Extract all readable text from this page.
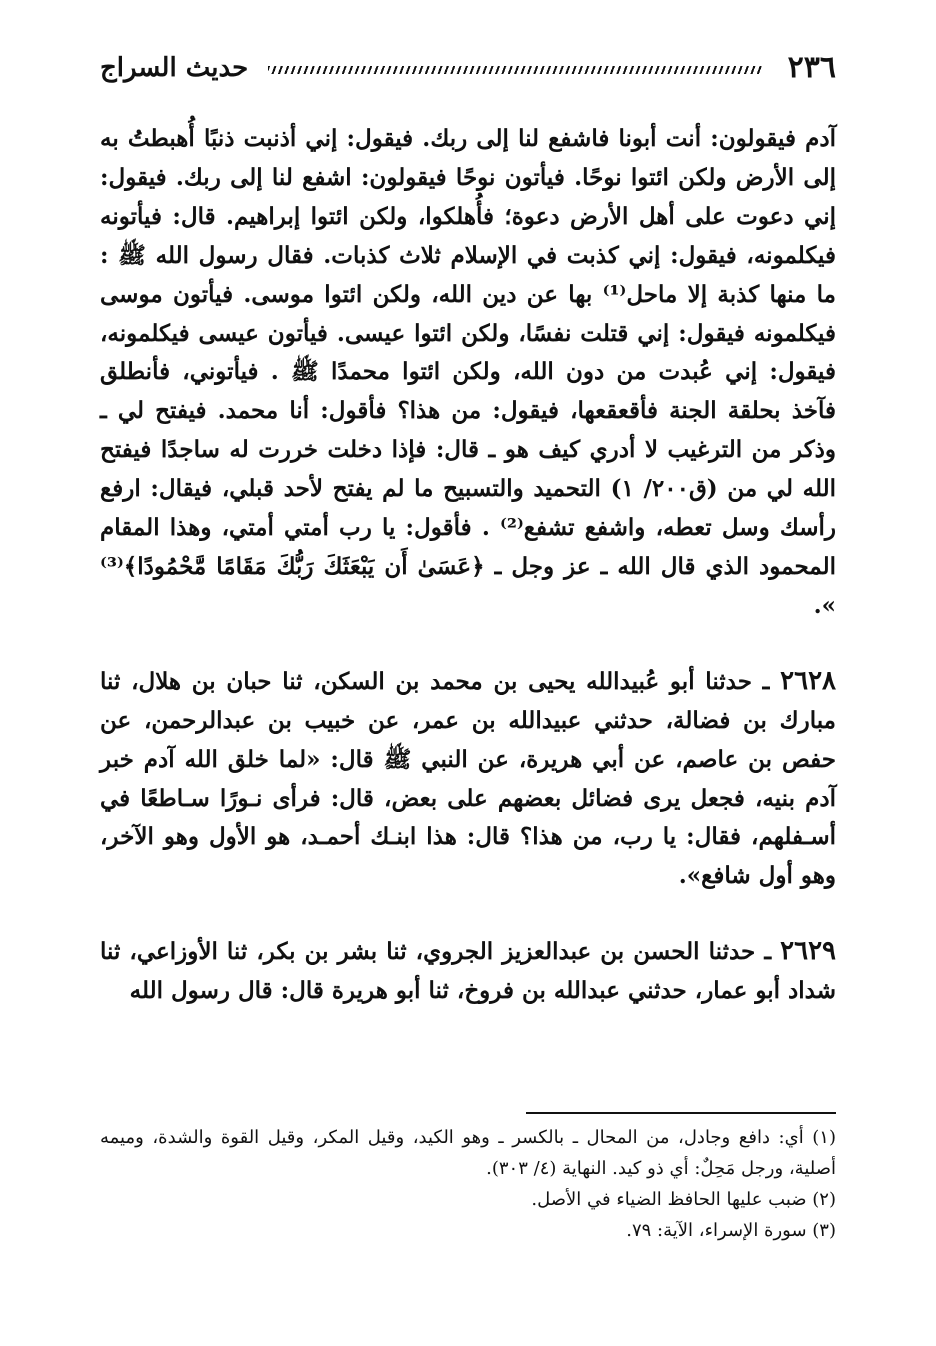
٢٣٦
حديث السراج

آدم فيقولون: أنت أبونا فاشفع لنا إلى ربك. فيقول: إني أذنبت ذنبًا أُهبطتُ به إلى الأرض ولكن ائتوا نوحًا. فيأتون نوحًا فيقولون: اشفع لنا إلى ربك. فيقول: إني دعوت على أهل الأرض دعوة؛ فأُهلكوا، ولكن ائتوا إبراهيم. قال: فيأتونه فيكلمونه، فيقول: إني كذبت في الإسلام ثلاث كذبات. فقال رسول الله ﷺ : ما منها كذبة إلا ماحل⁽¹⁾ بها عن دين الله، ولكن ائتوا موسى. فيأتون موسى فيكلمونه فيقول: إني قتلت نفسًا، ولكن ائتوا عيسى. فيأتون عيسى فيكلمونه، فيقول: إني عُبدت من دون الله، ولكن ائتوا محمدًا ﷺ . فيأتوني، فأنطلق فآخذ بحلقة الجنة فأقعقعها، فيقول: من هذا؟ فأقول: أنا محمد. فيفتح لي ـ وذكر من الترغيب لا أدري كيف هو ـ قال: فإذا دخلت خررت له ساجدًا فيفتح الله لي من (ق٢٠٠/ ١) التحميد والتسبيح ما لم يفتح لأحد قبلي، فيقال: ارفع رأسك وسل تعطه، واشفع تشفع⁽²⁾ . فأقول: يا رب أمتي أمتي، وهذا المقام المحمود الذي قال الله ـ عز وجل ـ ﴿عَسَىٰ أَن يَبْعَثَكَ رَبُّكَ مَقَامًا مَّحْمُودًا﴾⁽³⁾ ».

٢٦٢٨ ـ حدثنا أبو عُبيدالله يحيى بن محمد بن السكن، ثنا حبان بن هلال، ثنا مبارك بن فضالة، حدثني عبيدالله بن عمر، عن خبيب بن عبدالرحمن، عن حفص بن عاصم، عن أبي هريرة، عن النبي ﷺ قال: «لما خلق الله آدم خبر آدم بنيه، فجعل يرى فضائل بعضهم على بعض، قال: فرأى نـورًا سـاطعًا في أسـفلهم، فقال: يا رب، من هذا؟ قال: هذا ابنـك أحمـد، هو الأول وهو الآخر، وهو أول شافع».

٢٦٢٩ ـ حدثنا الحسن بن عبدالعزيز الجروي، ثنا بشر بن بكر، ثنا الأوزاعي، ثنا شداد أبو عمار، حدثني عبدالله بن فروخ، ثنا أبو هريرة قال: قال رسول الله

(١) أي: دافع وجادل، من المحال ـ بالكسر ـ وهو الكيد، وقيل المكر، وقيل القوة والشدة، وميمه أصلية، ورجل مَحِلٌ: أي ذو كيد. النهاية (٤/ ٣٠٣).

(٢) ضبب عليها الحافظ الضياء في الأصل.

(٣) سورة الإسراء، الآية: ٧٩.
